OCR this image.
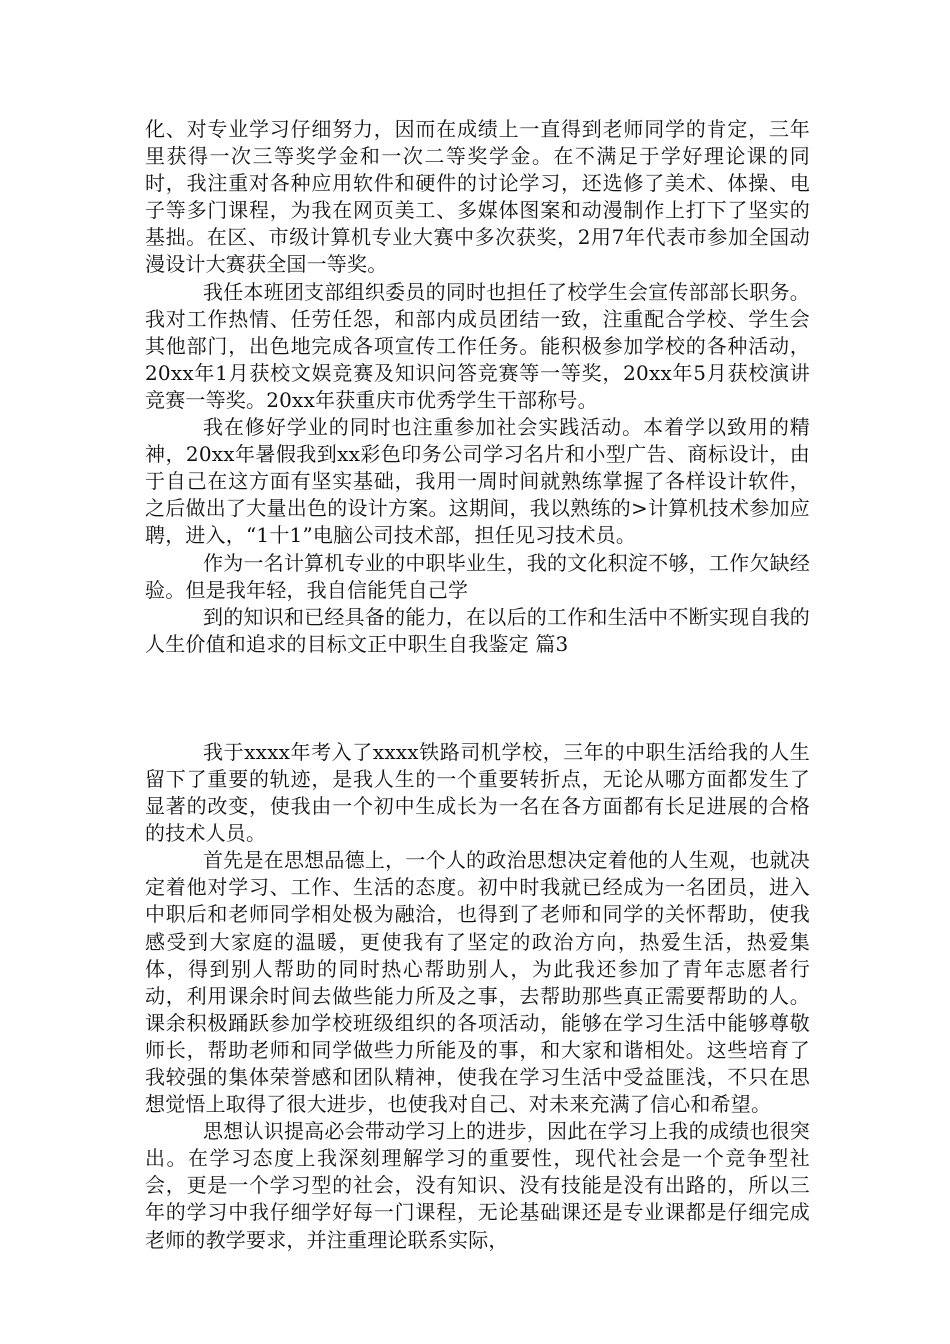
化、对专业学习仔细努力，因而在成绩上一直得到老师同学的肯定，三年里获得一次三等奖学金和一次二等奖学金。在不满足于学好理论课的同时，我注重对各种应用软件和硬件的讨论学习，还选修了美术、体操、电子等多门课程，为我在网页美工、多媒体图案和动漫制作上打下了坚实的基拙。在区、市级计算机专业大赛中多次获奖，2用7年代表市参加全国动漫设计大赛获全国一等奖。

我任本班团支部组织委员的同时也担任了校学生会宣传部部长职务。我对工作热情、任劳任怨，和部内成员团结一致，注重配合学校、学生会其他部门，出色地完成各项宣传工作任务。能积极参加学校的各种活动，20xx年1月获校文娱竞赛及知识问答竞赛等一等奖，20xx年5月获校演讲竞赛一等奖。20xx年获重庆市优秀学生干部称号。

我在修好学业的同时也注重参加社会实践活动。本着学以致用的精神，20xx年暑假我到xx彩色印务公司学习名片和小型广告、商标设计，由于自己在这方面有坚实基础，我用一周时间就熟练掌握了各样设计软件，之后做出了大量出色的设计方案。这期间，我以熟练的>计算机技术参加应聘，进入，“1十1”电脑公司技术部，担任见习技术员。

作为一名计算机专业的中职毕业生，我的文化积淀不够，工作欠缺经验。但是我年轻，我自信能凭自己学

到的知识和已经具备的能力，在以后的工作和生活中不断实现自我的人生价值和追求的目标文正中职生自我鉴定 篇3

我于xxxx年考入了xxxx铁路司机学校，三年的中职生活给我的人生留下了重要的轨迹，是我人生的一个重要转折点，无论从哪方面都发生了显著的改变，使我由一个初中生成长为一名在各方面都有长足进展的合格的技术人员。

首先是在思想品德上，一个人的政治思想决定着他的人生观，也就决定着他对学习、工作、生活的态度。初中时我就已经成为一名团员，进入中职后和老师同学相处极为融洽，也得到了老师和同学的关怀帮助，使我感受到大家庭的温暖，更使我有了坚定的政治方向，热爱生活，热爱集体，得到别人帮助的同时热心帮助别人，为此我还参加了青年志愿者行动，利用课余时间去做些能力所及之事，去帮助那些真正需要帮助的人。课余积极踊跃参加学校班级组织的各项活动，能够在学习生活中能够尊敬师长，帮助老师和同学做些力所能及的事，和大家和谐相处。这些培育了我较强的集体荣誉感和团队精神，使我在学习生活中受益匪浅，不只在思想觉悟上取得了很大进步，也使我对自己、对未来充满了信心和希望。

思想认识提高必会带动学习上的进步，因此在学习上我的成绩也很突出。在学习态度上我深刻理解学习的重要性，现代社会是一个竞争型社会，更是一个学习型的社会，没有知识、没有技能是没有出路的，所以三年的学习中我仔细学好每一门课程，无论基础课还是专业课都是仔细完成老师的教学要求，并注重理论联系实际，
